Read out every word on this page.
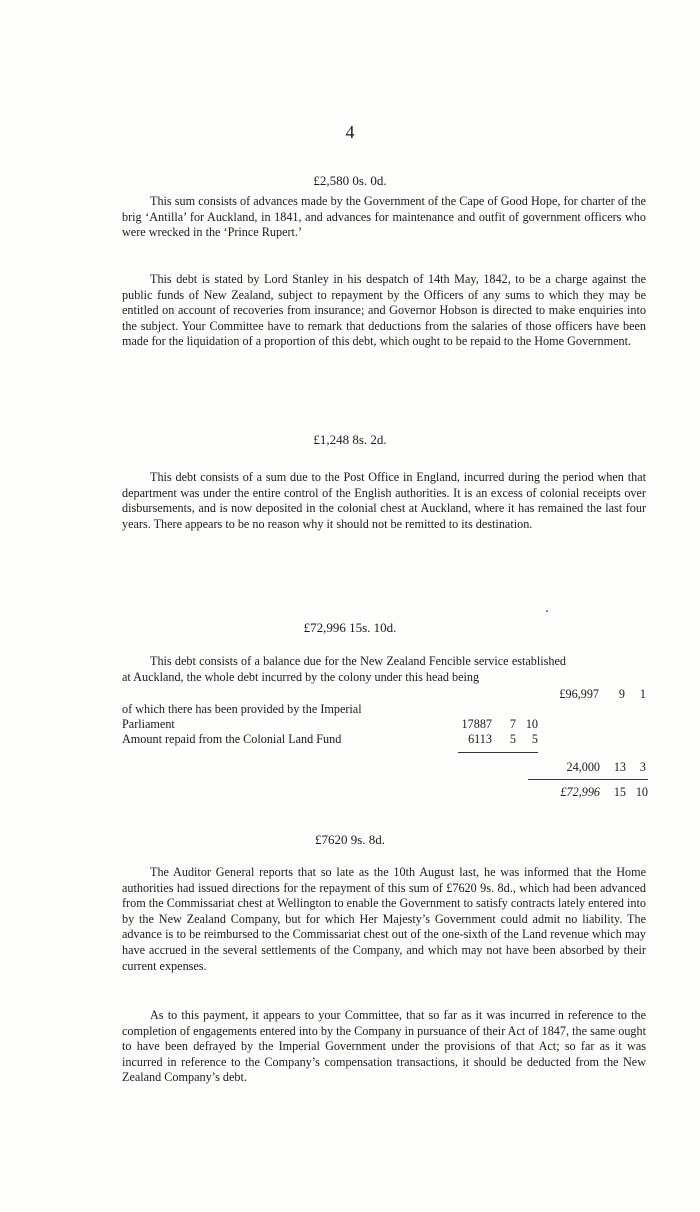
4
£2,580 0s. 0d.

This sum consists of advances made by the Government of the Cape of Good Hope, for charter of the brig ‘Antilla’ for Auckland, in 1841, and advances for maintenance and outfit of government officers who were wrecked in the ‘Prince Rupert.’

This debt is stated by Lord Stanley in his despatch of 14th May, 1842, to be a charge against the public funds of New Zealand, subject to repayment by the Officers of any sums to which they may be entitled on account of recoveries from insurance; and Governor Hobson is directed to make enquiries into the subject. Your Committee have to remark that deductions from the salaries of those officers have been made for the liquidation of a proportion of this debt, which ought to be repaid to the Home Government.

£1,248 8s. 2d.

This debt consists of a sum due to the Post Office in England, incurred during the period when that department was under the entire control of the English authorities. It is an excess of colonial receipts over disbursements, and is now deposited in the colonial chest at Auckland, where it has remained the last four years. There appears to be no reason why it should not be remitted to its destination.

£72,996 15s. 10d.

This debt consists of a balance due for the New Zealand Fencible service established at Auckland, the whole debt incurred by the colony under this head being

£96,997	9	1
of which there has been provided by the Imperial
Parliament	17887	7 10
Amount repaid from the Colonial Land Fund	6113	5	5
24,000	13	3
£72,996	15 10
£7620 9s. 8d.

The Auditor General reports that so late as the 10th August last, he was informed that the Home authorities had issued directions for the repayment of this sum of £7620 9s. 8d., which had been advanced from the Commissariat chest at Wellington to enable the Government to satisfy contracts lately entered into by the New Zealand Company, but for which Her Majesty’s Government could admit no liability. The advance is to be reimbursed to the Commissariat chest out of the one-sixth of the Land revenue which may have accrued in the several settlements of the Company, and which may not have been absorbed by their current expenses.

As to this payment, it appears to your Committee, that so far as it was incurred in reference to the completion of engagements entered into by the Company in pursuance of their Act of 1847, the same ought to have been defrayed by the Imperial Government under the provisions of that Act; so far as it was incurred in reference to the Company’s compensation transactions, it should be deducted from the New Zealand Company’s debt.
